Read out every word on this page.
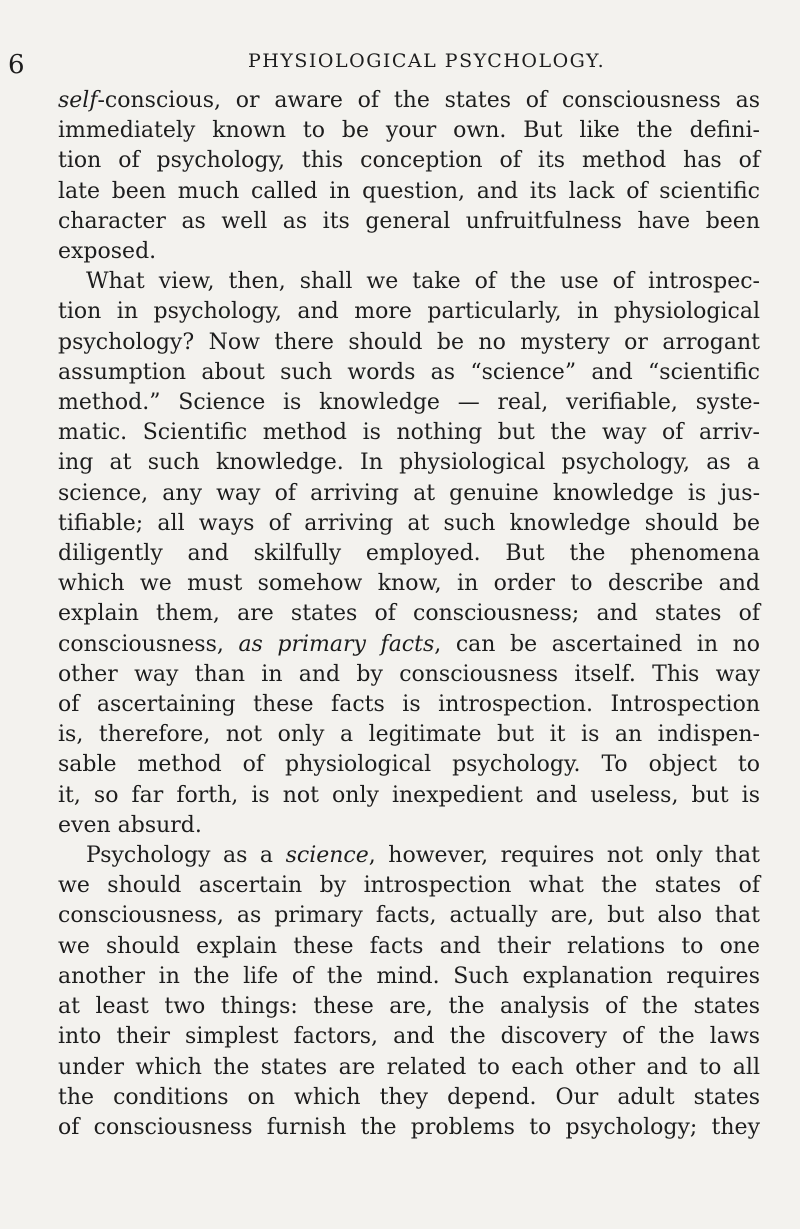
6	PHYSIOLOGICAL PSYCHOLOGY.
self-conscious, or aware of the states of consciousness as
immediately known to be your own. But like the defini-
tion of psychology, this conception of its method has of
late been much called in question, and its lack of scientific
character as well as its general unfruitfulness have been
exposed.
What view, then, shall we take of the use of introspec-
tion in psychology, and more particularly, in physiological
psychology? Now there should be no mystery or arrogant
assumption about such words as “science” and “scientific
method.” Science is knowledge — real, verifiable, syste-
matic. Scientific method is nothing but the way of arriv-
ing at such knowledge. In physiological psychology, as a
science, any way of arriving at genuine knowledge is jus-
tifiable; all ways of arriving at such knowledge should be
diligently and skilfully employed. But the phenomena
which we must somehow know, in order to describe and
explain them, are states of consciousness; and states of
consciousness, as primary facts, can be ascertained in no
other way than in and by consciousness itself. This way
of ascertaining these facts is introspection. Introspection
is, therefore, not only a legitimate but it is an indispen-
sable method of physiological psychology. To object to
it, so far forth, is not only inexpedient and useless, but is
even absurd.
Psychology as a science, however, requires not only that
we should ascertain by introspection what the states of
consciousness, as primary facts, actually are, but also that
we should explain these facts and their relations to one
another in the life of the mind. Such explanation requires
at least two things: these are, the analysis of the states
into their simplest factors, and the discovery of the laws
under which the states are related to each other and to all
the conditions on which they depend. Our adult states
of consciousness furnish the problems to psychology; they
